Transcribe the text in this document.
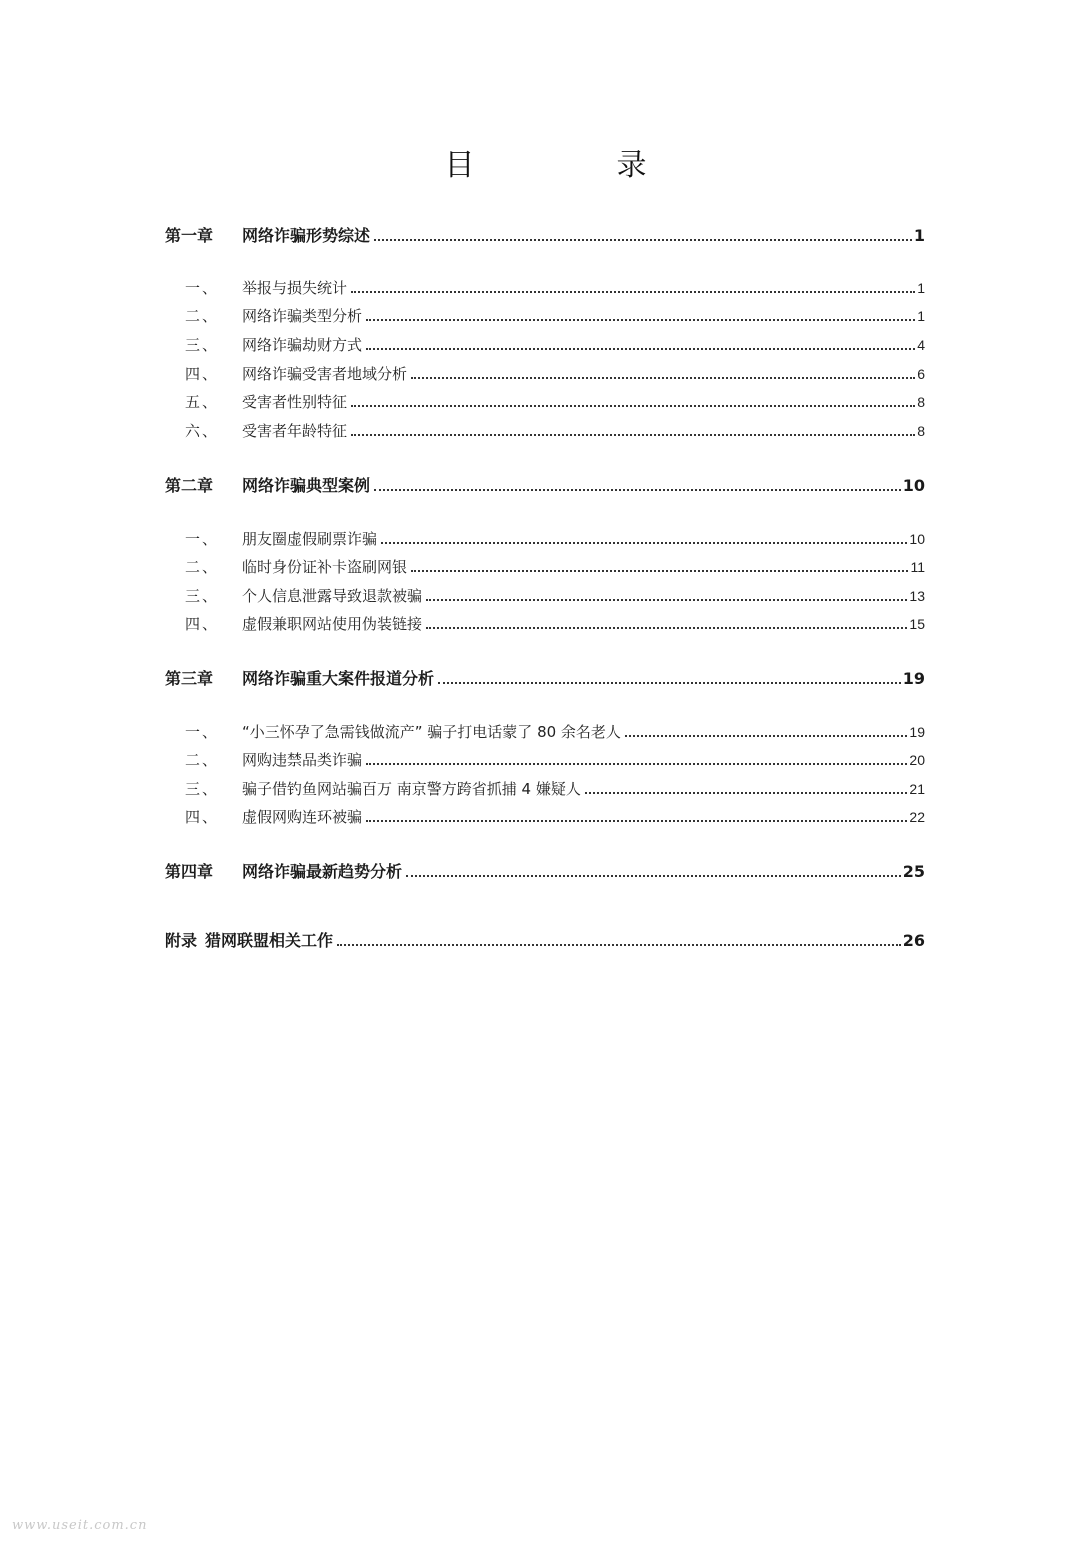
目　录
第一章	网络诈骗形势综述	1
一、	举报与损失统计	1
二、	网络诈骗类型分析	1
三、	网络诈骗劫财方式	4
四、	网络诈骗受害者地域分析	6
五、	受害者性别特征	8
六、	受害者年龄特征	8
第二章	网络诈骗典型案例	10
一、	朋友圈虚假刷票诈骗	10
二、	临时身份证补卡盗刷网银	11
三、	个人信息泄露导致退款被骗	13
四、	虚假兼职网站使用伪装链接	15
第三章	网络诈骗重大案件报道分析	19
一、	“小三怀孕了急需钱做流产” 骗子打电话蒙了 80 余名老人	19
二、	网购违禁品类诈骗	20
三、	骗子借钓鱼网站骗百万 南京警方跨省抓捕 4 嫌疑人	21
四、	虚假网购连环被骗	22
第四章	网络诈骗最新趋势分析	25
附录 猎网联盟相关工作	26
www.useit.com.cn
